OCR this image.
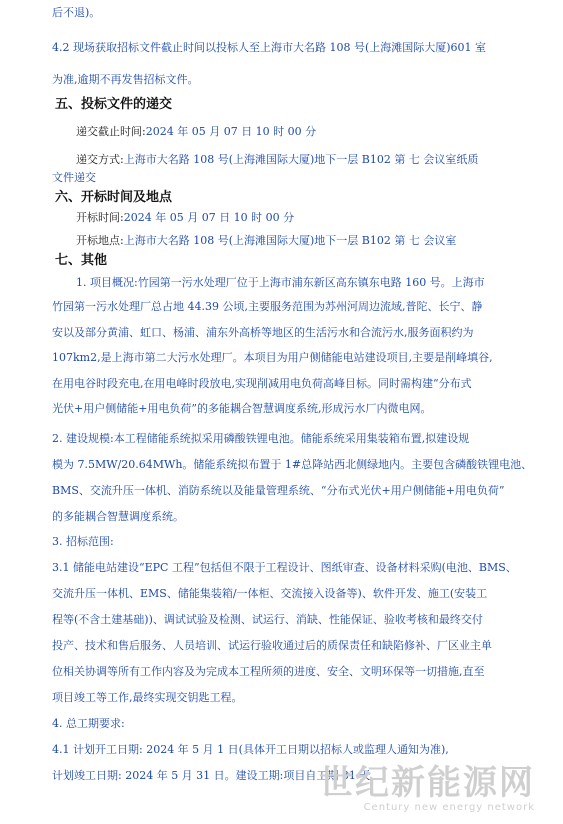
后不退)。
4.2 现场获取招标文件截止时间以投标人至上海市大名路 108 号(上海滩国际大厦)601 室
为准,逾期不再发售招标文件。
五、投标文件的递交
递交截止时间:2024 年 05 月 07 日 10 时 00 分
递交方式:上海市大名路 108 号(上海滩国际大厦)地下一层 B102 第 七 会议室纸质
文件递交
六、开标时间及地点
开标时间:2024 年 05 月 07 日 10 时 00 分
开标地点:上海市大名路 108 号(上海滩国际大厦)地下一层 B102 第 七 会议室
七、其他
1. 项目概况:竹园第一污水处理厂位于上海市浦东新区高东镇东电路 160 号。上海市
竹园第一污水处理厂总占地 44.39 公顷,主要服务范围为苏州河周边流域,普陀、长宁、静
安以及部分黄浦、虹口、杨浦、浦东外高桥等地区的生活污水和合流污水,服务面积约为
107km2,是上海市第二大污水处理厂。本项目为用户侧储能电站建设项目,主要是削峰填谷,
在用电谷时段充电,在用电峰时段放电,实现削减用电负荷高峰目标。同时需构建“分布式
光伏+用户侧储能+用电负荷”的多能耦合智慧调度系统,形成污水厂内微电网。
2. 建设规模:本工程储能系统拟采用磷酸铁锂电池。储能系统采用集装箱布置,拟建设规
模为 7.5MW/20.64MWh。储能系统拟布置于 1#总降站西北侧绿地内。主要包含磷酸铁锂电池、
BMS、交流升压一体机、消防系统以及能量管理系统、“分布式光伏+用户侧储能+用电负荷”
的多能耦合智慧调度系统。
3. 招标范围:
3.1 储能电站建设“EPC 工程”包括但不限于工程设计、图纸审查、设备材料采购(电池、BMS、
交流升压一体机、EMS、储能集装箱/一体柜、交流接入设备等)、软件开发、施工(安装工
程等(不含土建基础))、调试试验及检测、试运行、消缺、性能保证、验收考核和最终交付
投产、技术和售后服务、人员培训、试运行验收通过后的质保责任和缺陷修补、厂区业主单
位相关协调等所有工作内容及为完成本工程所须的进度、安全、文明环保等一切措施,直至
项目竣工等工作,最终实现交钥匙工程。
4. 总工期要求:
4.1 计划开工日期: 2024 年 5 月 1 日(具体开工日期以招标人或监理人通知为准),
计划竣工日期: 2024 年 5 月 31 日。建设工期:项目自工期 31 天
世纪新能源网
Century new energy network
